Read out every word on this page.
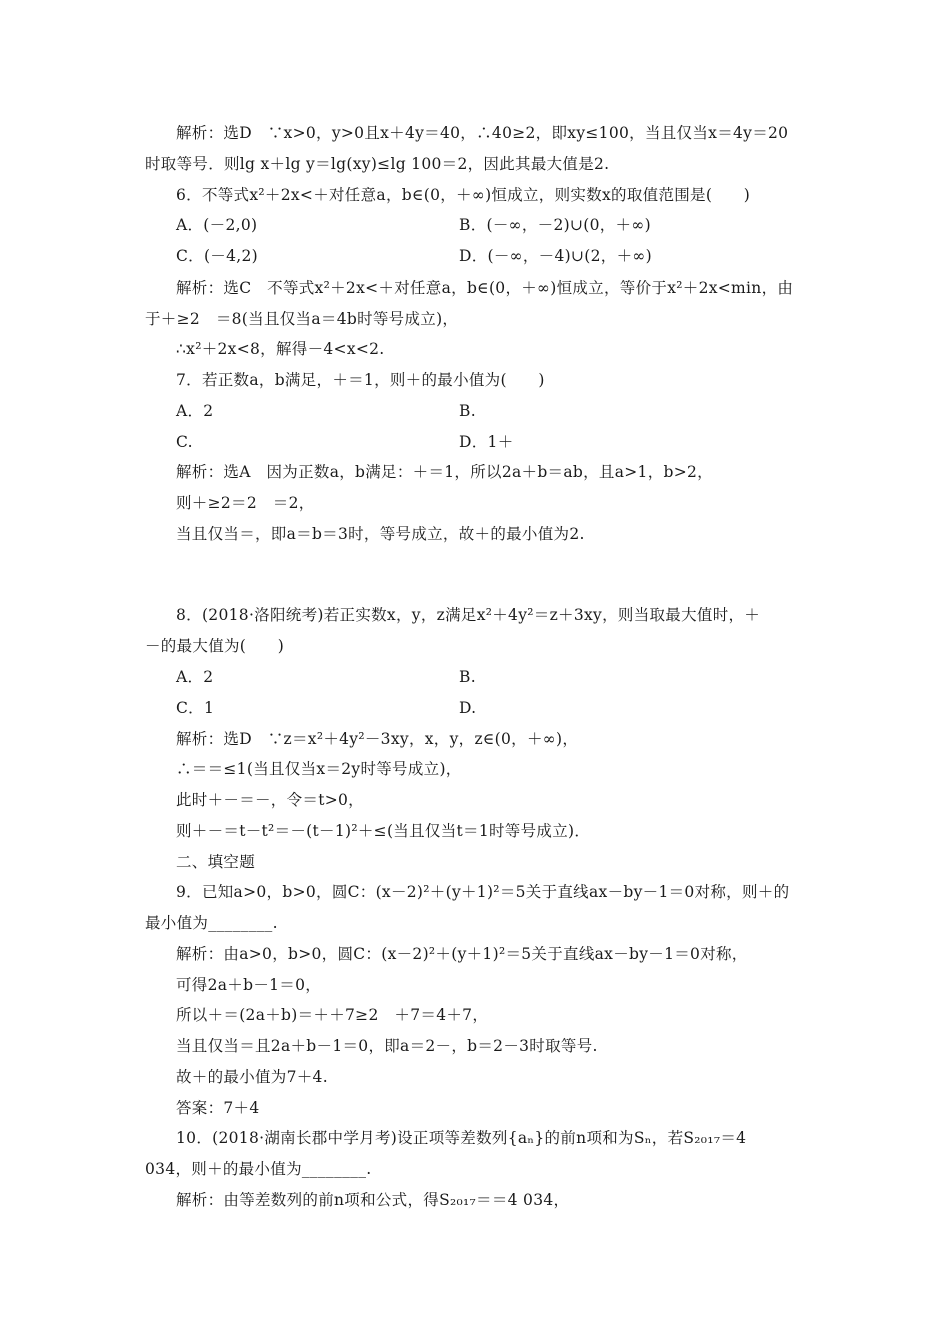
解析：选D　∵x>0，y>0且x＋4y＝40，∴40≥2，即xy≤100，当且仅当x＝4y＝20
时取等号．则lg x＋lg y＝lg(xy)≤lg 100＝2，因此其最大值是2.
6．不等式x²＋2x<＋对任意a，b∈(0，＋∞)恒成立，则实数x的取值范围是(　　)
A．(－2,0)	B．(－∞，－2)∪(0，＋∞)
C．(－4,2)	D．(－∞，－4)∪(2，＋∞)
解析：选C　不等式x²＋2x<＋对任意a，b∈(0，＋∞)恒成立，等价于x²＋2x<min，由
于＋≥2　＝8(当且仅当a＝4b时等号成立)，
∴x²＋2x<8，解得－4<x<2.
7．若正数a，b满足，＋＝1，则＋的最小值为(　　)
A．2	B.
C.	D．1＋
解析：选A　因为正数a，b满足：＋＝1，所以2a＋b＝ab，且a>1，b>2，
则＋≥2＝2　＝2，
当且仅当＝，即a＝b＝3时，等号成立，故＋的最小值为2.
8．(2018·洛阳统考)若正实数x，y，z满足x²＋4y²＝z＋3xy，则当取最大值时，＋
－的最大值为(　　)
A．2	B.
C．1	D.
解析：选D　∵z＝x²＋4y²－3xy，x，y，z∈(0，＋∞)，
∴＝＝≤1(当且仅当x＝2y时等号成立)，
此时＋－＝－，令＝t>0，
则＋－＝t－t²＝－(t－1)²＋≤(当且仅当t＝1时等号成立)．
二、填空题
9．已知a>0，b>0，圆C：(x－2)²＋(y＋1)²＝5关于直线ax－by－1＝0对称，则＋的
最小值为________.
解析：由a>0，b>0，圆C：(x－2)²＋(y＋1)²＝5关于直线ax－by－1＝0对称，
可得2a＋b－1＝0，
所以＋＝(2a＋b)＝＋＋7≥2　＋7＝4＋7，
当且仅当＝且2a＋b－1＝0，即a＝2－，b＝2－3时取等号.
故＋的最小值为7＋4.
答案：7＋4
10．(2018·湖南长郡中学月考)设正项等差数列{aₙ}的前n项和为Sₙ，若S₂₀₁₇＝4
034，则＋的最小值为________.
解析：由等差数列的前n项和公式，得S₂₀₁₇＝＝4 034，
